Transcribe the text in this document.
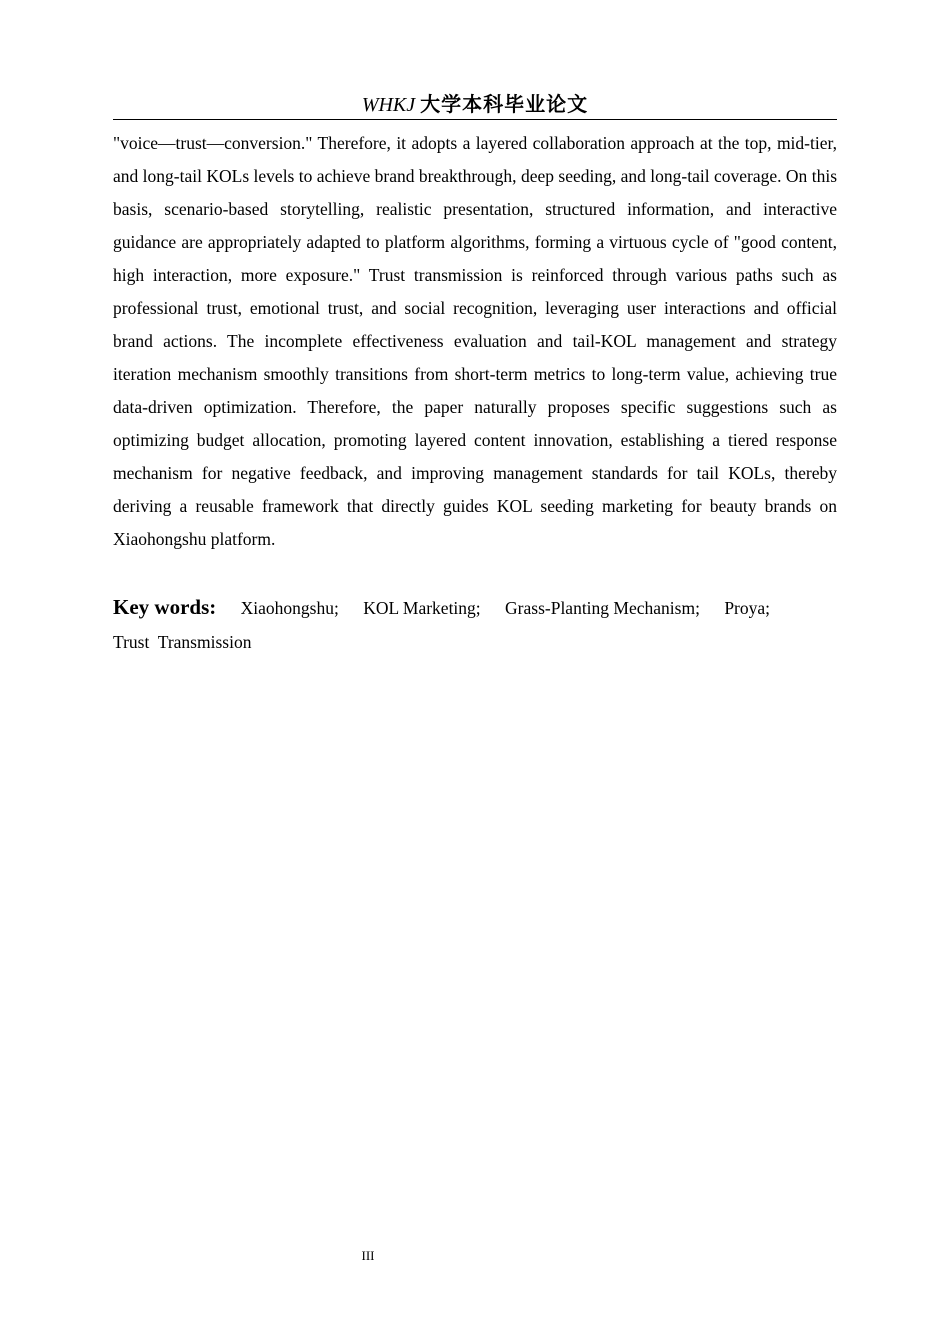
WHKJ 大学本科毕业论文

"voice—trust—conversion." Therefore, it adopts a layered collaboration approach at the top, mid-tier, and long-tail KOLs levels to achieve brand breakthrough, deep seeding, and long-tail coverage. On this basis, scenario-based storytelling, realistic presentation, structured information, and interactive guidance are appropriately adapted to platform algorithms, forming a virtuous cycle of "good content, high interaction, more exposure." Trust transmission is reinforced through various paths such as professional trust, emotional trust, and social recognition, leveraging user interactions and official brand actions. The incomplete effectiveness evaluation and tail-KOL management and strategy iteration mechanism smoothly transitions from short-term metrics to long-term value, achieving true data-driven optimization. Therefore, the paper naturally proposes specific suggestions such as optimizing budget allocation, promoting layered content innovation, establishing a tiered response mechanism for negative feedback, and improving management standards for tail KOLs, thereby deriving a reusable framework that directly guides KOL seeding marketing for beauty brands on Xiaohongshu platform.

Key words: Xiaohongshu; KOL Marketing; Grass-Planting Mechanism; Proya;
Trust  Transmission
III
